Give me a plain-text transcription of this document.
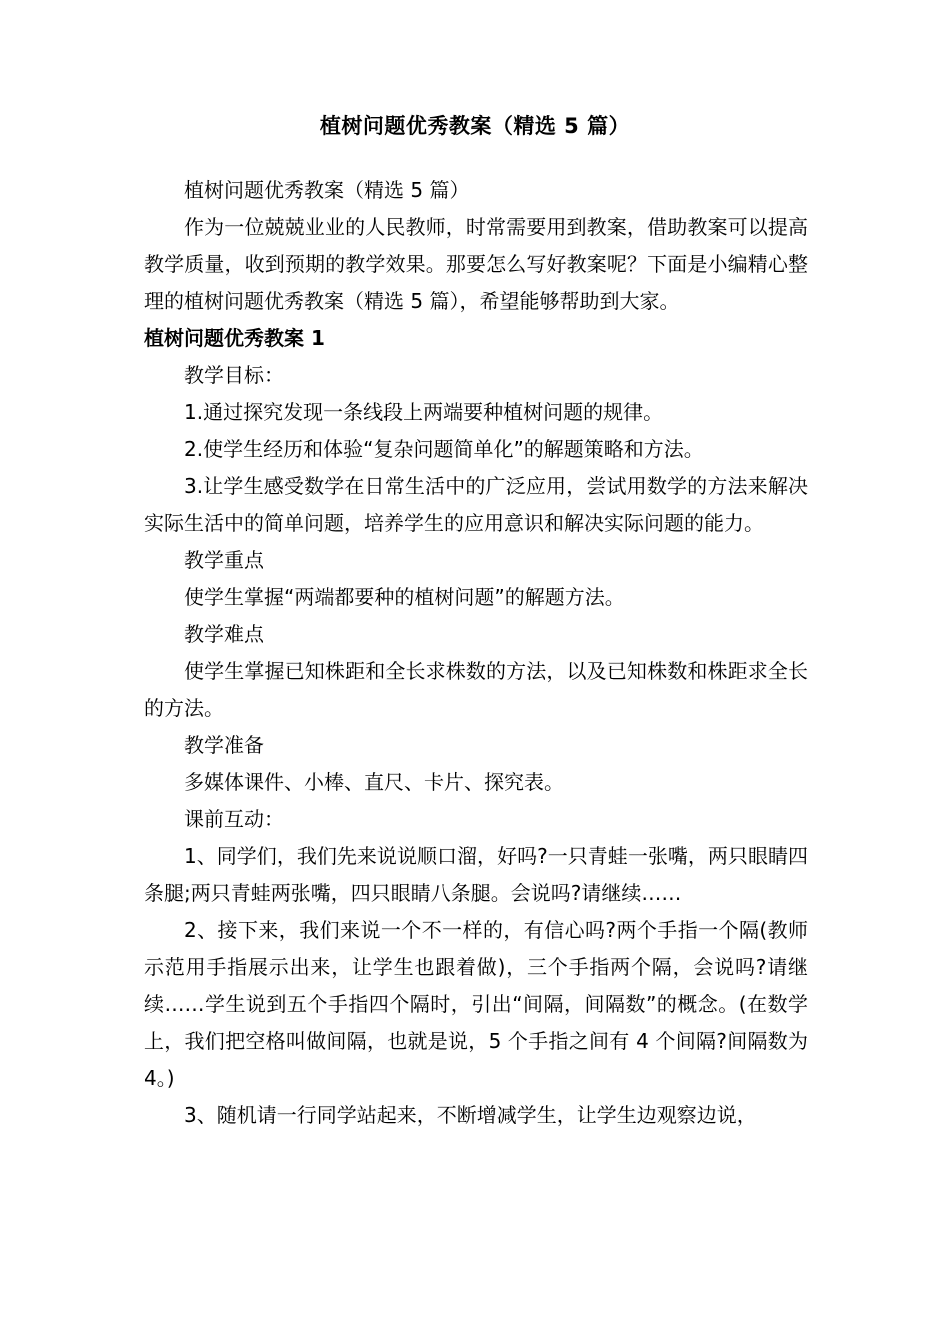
植树问题优秀教案（精选 5 篇）

植树问题优秀教案（精选 5 篇）

作为一位兢兢业业的人民教师，时常需要用到教案，借助教案可以提高教学质量，收到预期的教学效果。那要怎么写好教案呢？下面是小编精心整理的植树问题优秀教案（精选 5 篇），希望能够帮助到大家。

植树问题优秀教案 1

教学目标：

1.通过探究发现一条线段上两端要种植树问题的规律。

2.使学生经历和体验“复杂问题简单化”的解题策略和方法。

3.让学生感受数学在日常生活中的广泛应用，尝试用数学的方法来解决实际生活中的简单问题，培养学生的应用意识和解决实际问题的能力。

教学重点

使学生掌握“两端都要种的植树问题”的解题方法。

教学难点

使学生掌握已知株距和全长求株数的方法，以及已知株数和株距求全长的方法。

教学准备

多媒体课件、小棒、直尺、卡片、探究表。

课前互动：

1、同学们，我们先来说说顺口溜，好吗?一只青蛙一张嘴，两只眼睛四条腿;两只青蛙两张嘴，四只眼睛八条腿。会说吗?请继续……

2、接下来，我们来说一个不一样的，有信心吗?两个手指一个隔(教师示范用手指展示出来，让学生也跟着做)，三个手指两个隔，会说吗?请继续……学生说到五个手指四个隔时，引出“间隔，间隔数”的概念。(在数学上，我们把空格叫做间隔，也就是说，5 个手指之间有 4 个间隔?间隔数为 4。)

3、随机请一行同学站起来，不断增减学生，让学生边观察边说，
